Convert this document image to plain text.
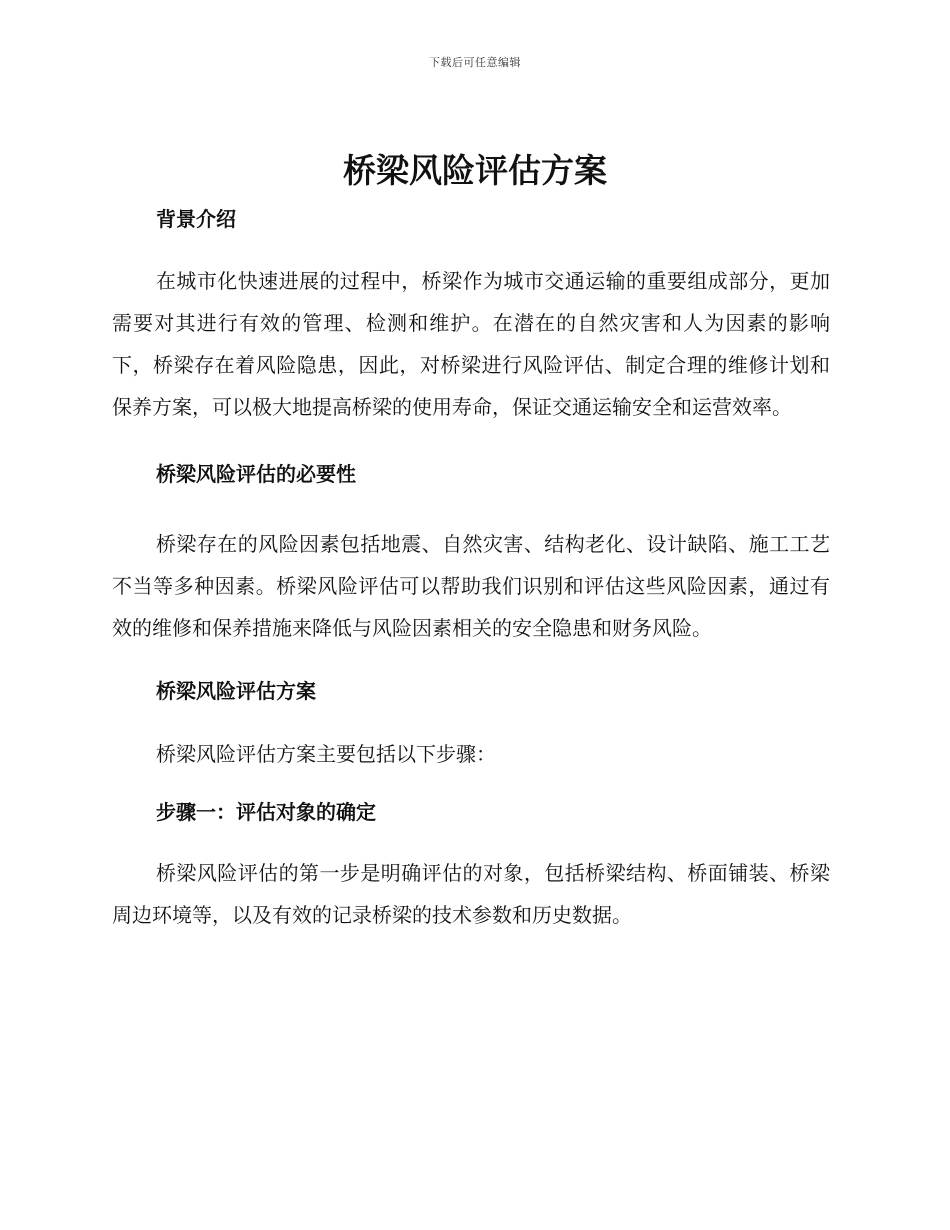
下载后可任意编辑
桥梁风险评估方案
背景介绍

在城市化快速进展的过程中，桥梁作为城市交通运输的重要组成部分，更加需要对其进行有效的管理、检测和维护。在潜在的自然灾害和人为因素的影响下，桥梁存在着风险隐患，因此，对桥梁进行风险评估、制定合理的维修计划和保养方案，可以极大地提高桥梁的使用寿命，保证交通运输安全和运营效率。

桥梁风险评估的必要性

桥梁存在的风险因素包括地震、自然灾害、结构老化、设计缺陷、施工工艺不当等多种因素。桥梁风险评估可以帮助我们识别和评估这些风险因素，通过有效的维修和保养措施来降低与风险因素相关的安全隐患和财务风险。

桥梁风险评估方案

桥梁风险评估方案主要包括以下步骤：

步骤一：评估对象的确定

桥梁风险评估的第一步是明确评估的对象，包括桥梁结构、桥面铺装、桥梁周边环境等，以及有效的记录桥梁的技术参数和历史数据。
